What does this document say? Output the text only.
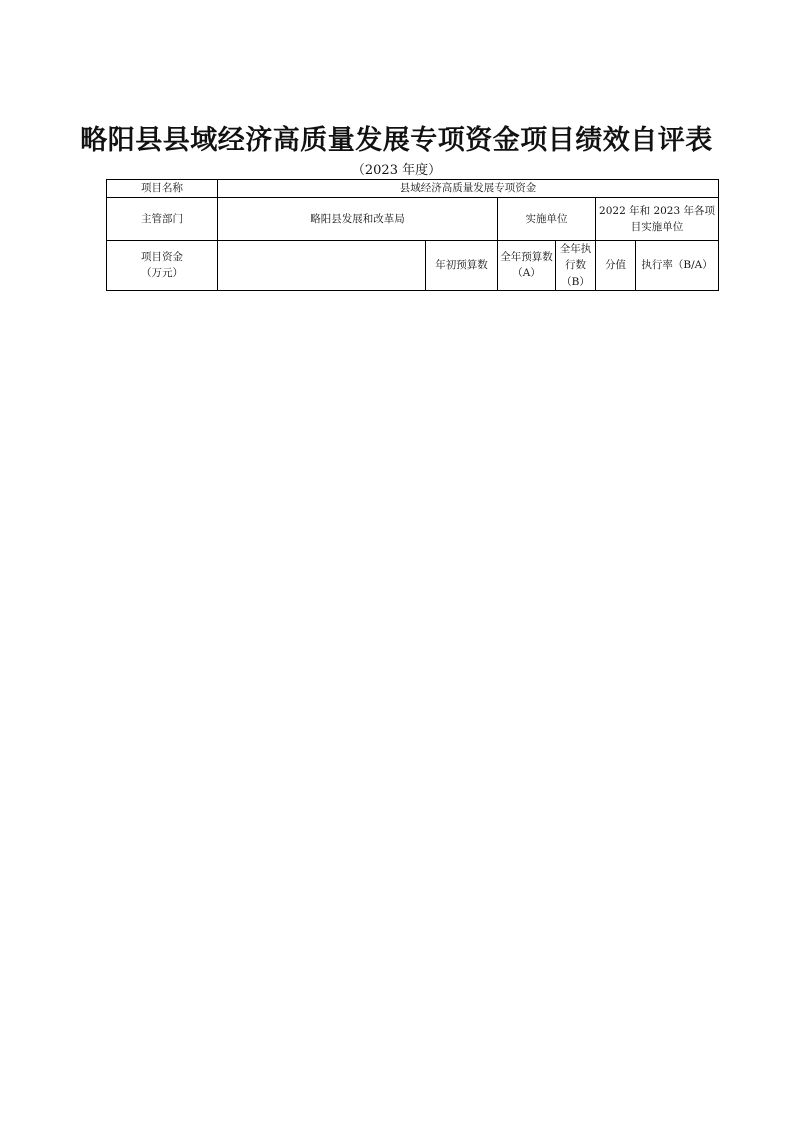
略阳县县域经济高质量发展专项资金项目绩效自评表
（2023 年度）
项目名称	县域经济高质量发展专项资金						
主管部门	略阳县发展和改革局		实施单位		2022 年和 2023 年各项目实施单位		
项目资金
（万元）		年初预算数	全年预算数（A）	全年执行数（B）	分值	执行率（B/A）	
